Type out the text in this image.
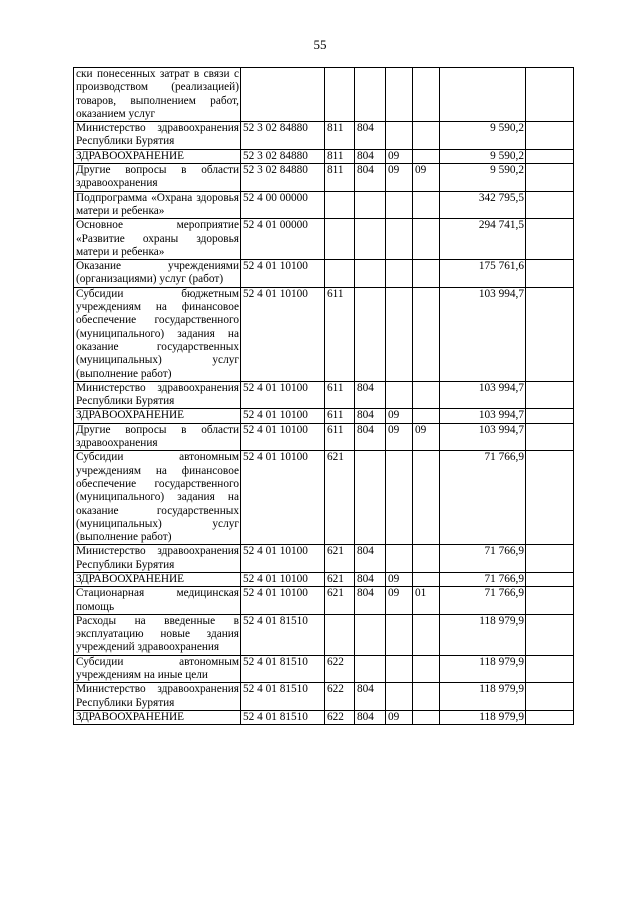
55
ски понесенных затрат в связи с производством (реализацией) товаров, выполнением работ, оказанием услуг							
Министерство здравоохранения Республики Бурятия	52 3 02 84880	811	804			9 590,2	
ЗДРАВООХРАНЕНИЕ	52 3 02 84880	811	804	09		9 590,2	
Другие вопросы в области здравоохранения	52 3 02 84880	811	804	09	09	9 590,2	
Подпрограмма «Охрана здоровья матери и ребенка»	52 4 00 00000					342 795,5	
Основное мероприятие «Развитие охраны здоровья матери и ребенка»	52 4 01 00000					294 741,5	
Оказание учреждениями (организациями) услуг (работ)	52 4 01 10100					175 761,6	
Субсидии бюджетным учреждениям на финансовое обеспечение государственного (муниципального) задания на оказание государственных (муниципальных) услуг (выполнение работ)	52 4 01 10100	611				103 994,7	
Министерство здравоохранения Республики Бурятия	52 4 01 10100	611	804			103 994,7	
ЗДРАВООХРАНЕНИЕ	52 4 01 10100	611	804	09		103 994,7	
Другие вопросы в области здравоохранения	52 4 01 10100	611	804	09	09	103 994,7	
Субсидии автономным учреждениям на финансовое обеспечение государственного (муниципального) задания на оказание государственных (муниципальных) услуг (выполнение работ)	52 4 01 10100	621				71 766,9	
Министерство здравоохранения Республики Бурятия	52 4 01 10100	621	804			71 766,9	
ЗДРАВООХРАНЕНИЕ	52 4 01 10100	621	804	09		71 766,9	
Стационарная медицинская помощь	52 4 01 10100	621	804	09	01	71 766,9	
Расходы на введенные в эксплуатацию новые здания учреждений здравоохранения	52 4 01 81510					118 979,9	
Субсидии автономным учреждениям на иные цели	52 4 01 81510	622				118 979,9	
Министерство здравоохранения Республики Бурятия	52 4 01 81510	622	804			118 979,9	
ЗДРАВООХРАНЕНИЕ	52 4 01 81510	622	804	09		118 979,9	
